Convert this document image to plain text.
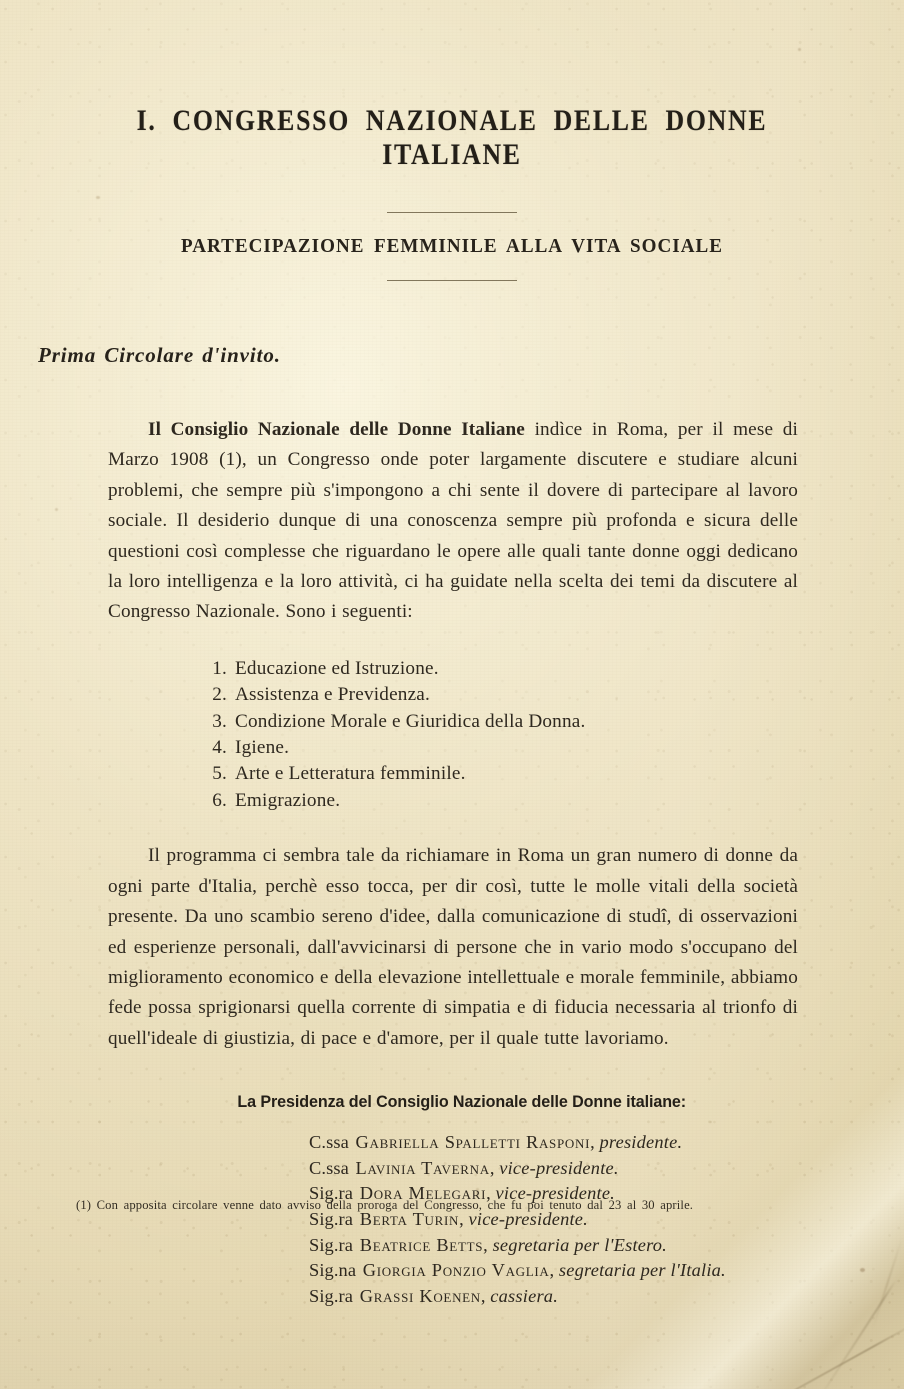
I. CONGRESSO NAZIONALE DELLE DONNE ITALIANE
PARTECIPAZIONE FEMMINILE ALLA VITA SOCIALE
Prima Circolare d'invito.

Il Consiglio Nazionale delle Donne Italiane indìce in Roma, per il mese di Marzo 1908 (1), un Congresso onde poter largamente discutere e studiare alcuni problemi, che sempre più s'impongono a chi sente il dovere di partecipare al lavoro sociale. Il desiderio dunque di una conoscenza sempre più profonda e sicura delle questioni così complesse che riguardano le opere alle quali tante donne oggi dedicano la loro intelligenza e la loro attività, ci ha guidate nella scelta dei temi da discutere al Congresso Nazionale. Sono i seguenti:

1. Educazione ed Istruzione.
2. Assistenza e Previdenza.
3. Condizione Morale e Giuridica della Donna.
4. Igiene.
5. Arte e Letteratura femminile.
6. Emigrazione.

Il programma ci sembra tale da richiamare in Roma un gran numero di donne da ogni parte d'Italia, perchè esso tocca, per dir così, tutte le molle vitali della società presente. Da uno scambio sereno d'idee, dalla comunicazione di studî, di osservazioni ed esperienze personali, dall'avvicinarsi di persone che in vario modo s'occupano del miglioramento economico e della elevazione intellettuale e morale femminile, abbiamo fede possa sprigionarsi quella corrente di simpatia e di fiducia necessaria al trionfo di quell'ideale di giustizia, di pace e d'amore, per il quale tutte lavoriamo.

La Presidenza del Consiglio Nazionale delle Donne italiane:

C.ssa Gabriella Spalletti Rasponi, presidente.
C.ssa Lavinia Taverna, vice-presidente.
Sig.ra Dora Melegari, vice-presidente.
Sig.ra Berta Turin, vice-presidente.
Sig.ra Beatrice Betts, segretaria per l'Estero.
Sig.na Giorgia Ponzio Vaglia, segretaria per l'Italia.
Sig.ra Grassi Koenen, cassiera.

(1) Con apposita circolare venne dato avviso della proroga del Congresso, che fu poi tenuto dal 23 al 30 aprile.
